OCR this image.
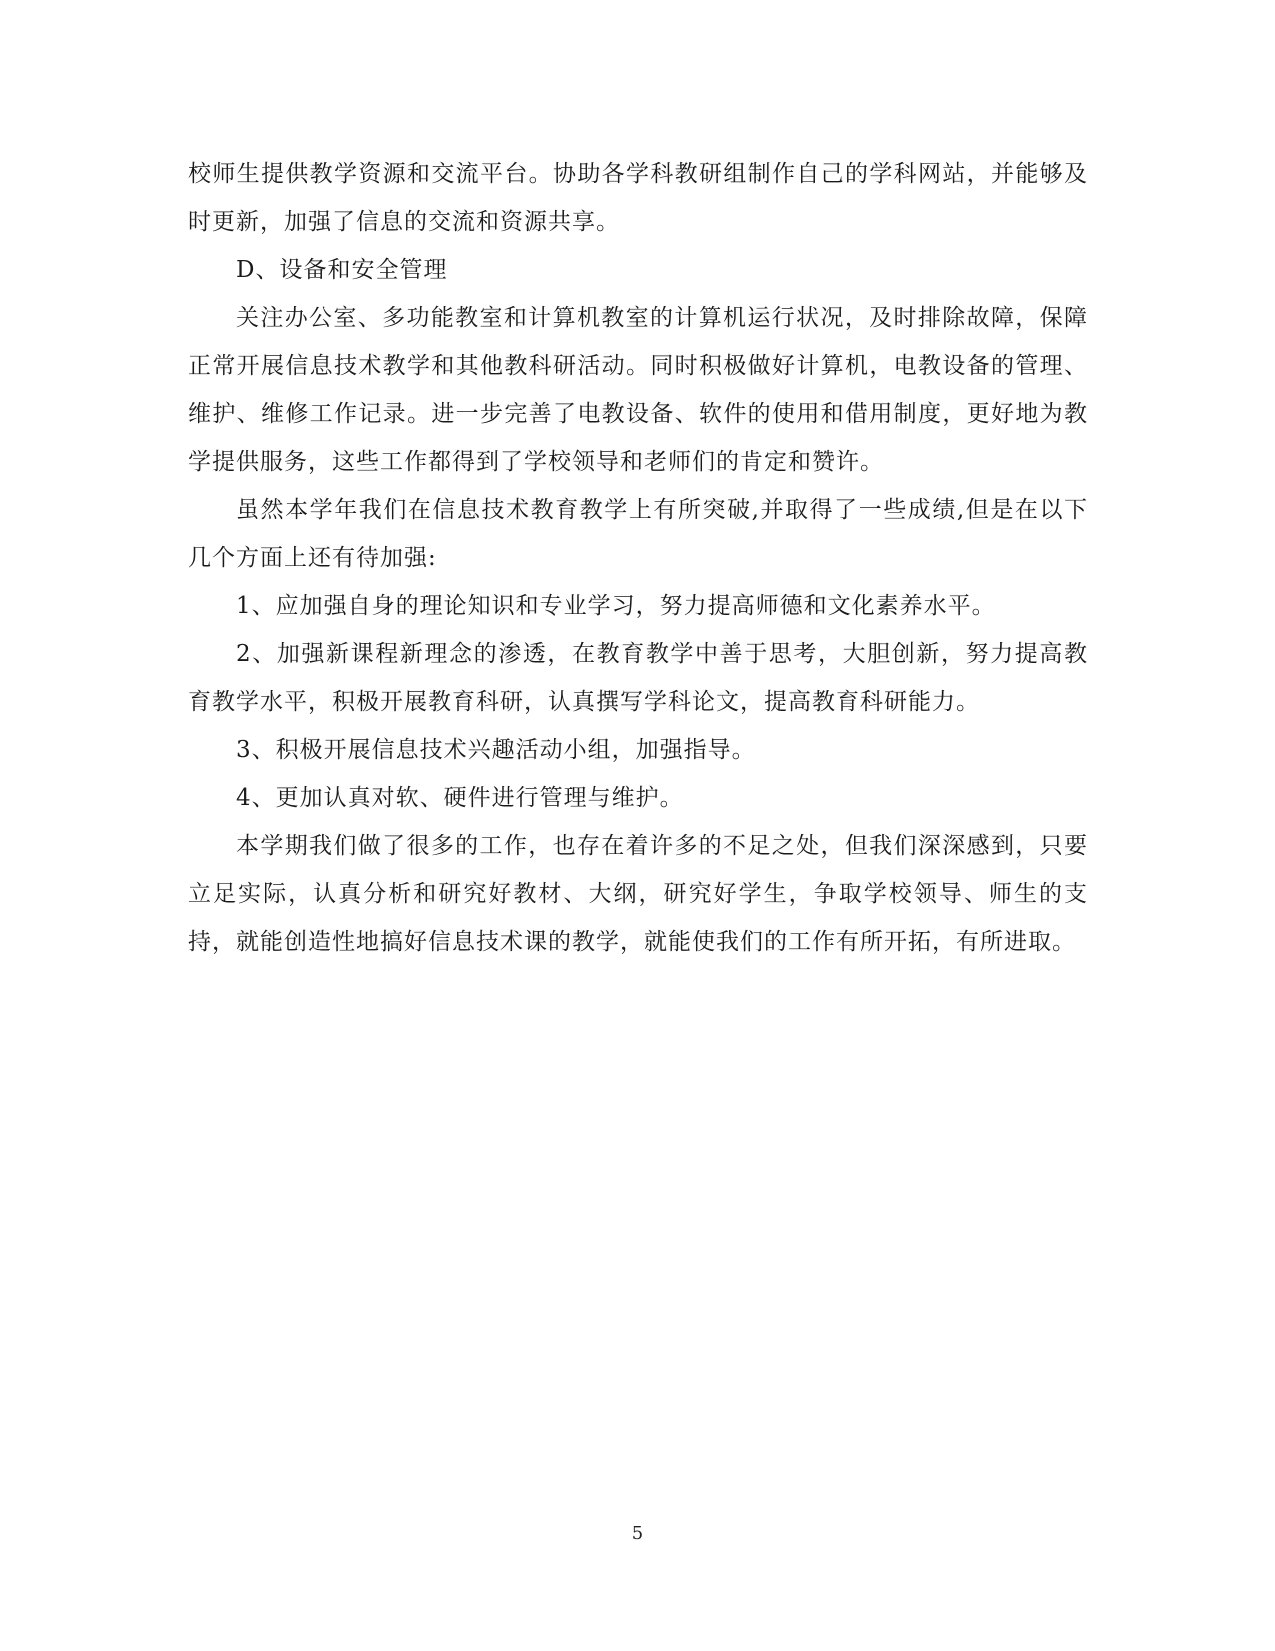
校师生提供教学资源和交流平台。协助各学科教研组制作自己的学科网站，并能够及时更新，加强了信息的交流和资源共享。

D、设备和安全管理

关注办公室、多功能教室和计算机教室的计算机运行状况，及时排除故障，保障正常开展信息技术教学和其他教科研活动。同时积极做好计算机，电教设备的管理、维护、维修工作记录。进一步完善了电教设备、软件的使用和借用制度，更好地为教学提供服务，这些工作都得到了学校领导和老师们的肯定和赞许。

虽然本学年我们在信息技术教育教学上有所突破,并取得了一些成绩,但是在以下几个方面上还有待加强:

1、应加强自身的理论知识和专业学习，努力提高师德和文化素养水平。

2、加强新课程新理念的渗透，在教育教学中善于思考，大胆创新，努力提高教育教学水平，积极开展教育科研，认真撰写学科论文，提高教育科研能力。

3、积极开展信息技术兴趣活动小组，加强指导。

4、更加认真对软、硬件进行管理与维护。

本学期我们做了很多的工作，也存在着许多的不足之处，但我们深深感到，只要立足实际，认真分析和研究好教材、大纲，研究好学生，争取学校领导、师生的支持，就能创造性地搞好信息技术课的教学，就能使我们的工作有所开拓，有所进取。

5
